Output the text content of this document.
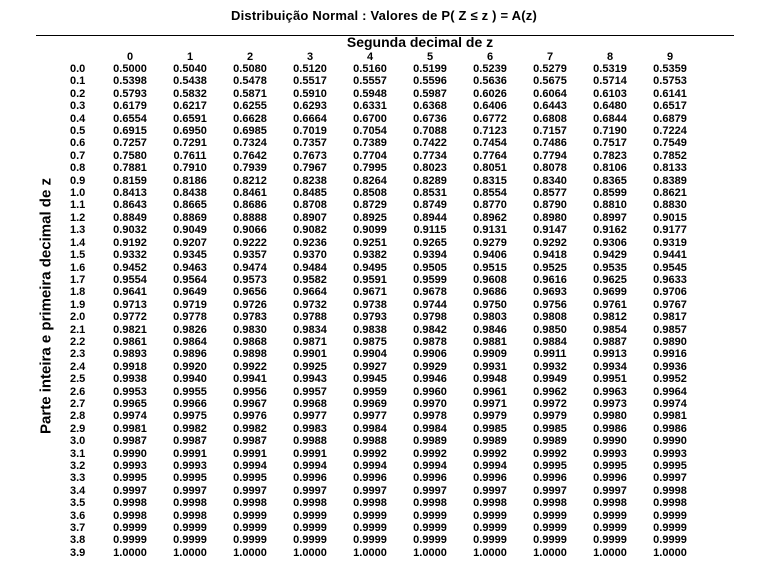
Distribuição Normal : Valores de P( Z ≤ z ) = A(z)
Segunda decimal de z
Parte inteira e primeira decimal de z
0	1	2	3	4	5	6	7	8	9
0.0	0.5000	0.5040	0.5080	0.5120	0.5160	0.5199	0.5239	0.5279	0.5319	0.5359
0.1	0.5398	0.5438	0.5478	0.5517	0.5557	0.5596	0.5636	0.5675	0.5714	0.5753
0.2	0.5793	0.5832	0.5871	0.5910	0.5948	0.5987	0.6026	0.6064	0.6103	0.6141
0.3	0.6179	0.6217	0.6255	0.6293	0.6331	0.6368	0.6406	0.6443	0.6480	0.6517
0.4	0.6554	0.6591	0.6628	0.6664	0.6700	0.6736	0.6772	0.6808	0.6844	0.6879
0.5	0.6915	0.6950	0.6985	0.7019	0.7054	0.7088	0.7123	0.7157	0.7190	0.7224
0.6	0.7257	0.7291	0.7324	0.7357	0.7389	0.7422	0.7454	0.7486	0.7517	0.7549
0.7	0.7580	0.7611	0.7642	0.7673	0.7704	0.7734	0.7764	0.7794	0.7823	0.7852
0.8	0.7881	0.7910	0.7939	0.7967	0.7995	0.8023	0.8051	0.8078	0.8106	0.8133
0.9	0.8159	0.8186	0.8212	0.8238	0.8264	0.8289	0.8315	0.8340	0.8365	0.8389
1.0	0.8413	0.8438	0.8461	0.8485	0.8508	0.8531	0.8554	0.8577	0.8599	0.8621
1.1	0.8643	0.8665	0.8686	0.8708	0.8729	0.8749	0.8770	0.8790	0.8810	0.8830
1.2	0.8849	0.8869	0.8888	0.8907	0.8925	0.8944	0.8962	0.8980	0.8997	0.9015
1.3	0.9032	0.9049	0.9066	0.9082	0.9099	0.9115	0.9131	0.9147	0.9162	0.9177
1.4	0.9192	0.9207	0.9222	0.9236	0.9251	0.9265	0.9279	0.9292	0.9306	0.9319
1.5	0.9332	0.9345	0.9357	0.9370	0.9382	0.9394	0.9406	0.9418	0.9429	0.9441
1.6	0.9452	0.9463	0.9474	0.9484	0.9495	0.9505	0.9515	0.9525	0.9535	0.9545
1.7	0.9554	0.9564	0.9573	0.9582	0.9591	0.9599	0.9608	0.9616	0.9625	0.9633
1.8	0.9641	0.9649	0.9656	0.9664	0.9671	0.9678	0.9686	0.9693	0.9699	0.9706
1.9	0.9713	0.9719	0.9726	0.9732	0.9738	0.9744	0.9750	0.9756	0.9761	0.9767
2.0	0.9772	0.9778	0.9783	0.9788	0.9793	0.9798	0.9803	0.9808	0.9812	0.9817
2.1	0.9821	0.9826	0.9830	0.9834	0.9838	0.9842	0.9846	0.9850	0.9854	0.9857
2.2	0.9861	0.9864	0.9868	0.9871	0.9875	0.9878	0.9881	0.9884	0.9887	0.9890
2.3	0.9893	0.9896	0.9898	0.9901	0.9904	0.9906	0.9909	0.9911	0.9913	0.9916
2.4	0.9918	0.9920	0.9922	0.9925	0.9927	0.9929	0.9931	0.9932	0.9934	0.9936
2.5	0.9938	0.9940	0.9941	0.9943	0.9945	0.9946	0.9948	0.9949	0.9951	0.9952
2.6	0.9953	0.9955	0.9956	0.9957	0.9959	0.9960	0.9961	0.9962	0.9963	0.9964
2.7	0.9965	0.9966	0.9967	0.9968	0.9969	0.9970	0.9971	0.9972	0.9973	0.9974
2.8	0.9974	0.9975	0.9976	0.9977	0.9977	0.9978	0.9979	0.9979	0.9980	0.9981
2.9	0.9981	0.9982	0.9982	0.9983	0.9984	0.9984	0.9985	0.9985	0.9986	0.9986
3.0	0.9987	0.9987	0.9987	0.9988	0.9988	0.9989	0.9989	0.9989	0.9990	0.9990
3.1	0.9990	0.9991	0.9991	0.9991	0.9992	0.9992	0.9992	0.9992	0.9993	0.9993
3.2	0.9993	0.9993	0.9994	0.9994	0.9994	0.9994	0.9994	0.9995	0.9995	0.9995
3.3	0.9995	0.9995	0.9995	0.9996	0.9996	0.9996	0.9996	0.9996	0.9996	0.9997
3.4	0.9997	0.9997	0.9997	0.9997	0.9997	0.9997	0.9997	0.9997	0.9997	0.9998
3.5	0.9998	0.9998	0.9998	0.9998	0.9998	0.9998	0.9998	0.9998	0.9998	0.9998
3.6	0.9998	0.9998	0.9999	0.9999	0.9999	0.9999	0.9999	0.9999	0.9999	0.9999
3.7	0.9999	0.9999	0.9999	0.9999	0.9999	0.9999	0.9999	0.9999	0.9999	0.9999
3.8	0.9999	0.9999	0.9999	0.9999	0.9999	0.9999	0.9999	0.9999	0.9999	0.9999
3.9	1.0000	1.0000	1.0000	1.0000	1.0000	1.0000	1.0000	1.0000	1.0000	1.0000
